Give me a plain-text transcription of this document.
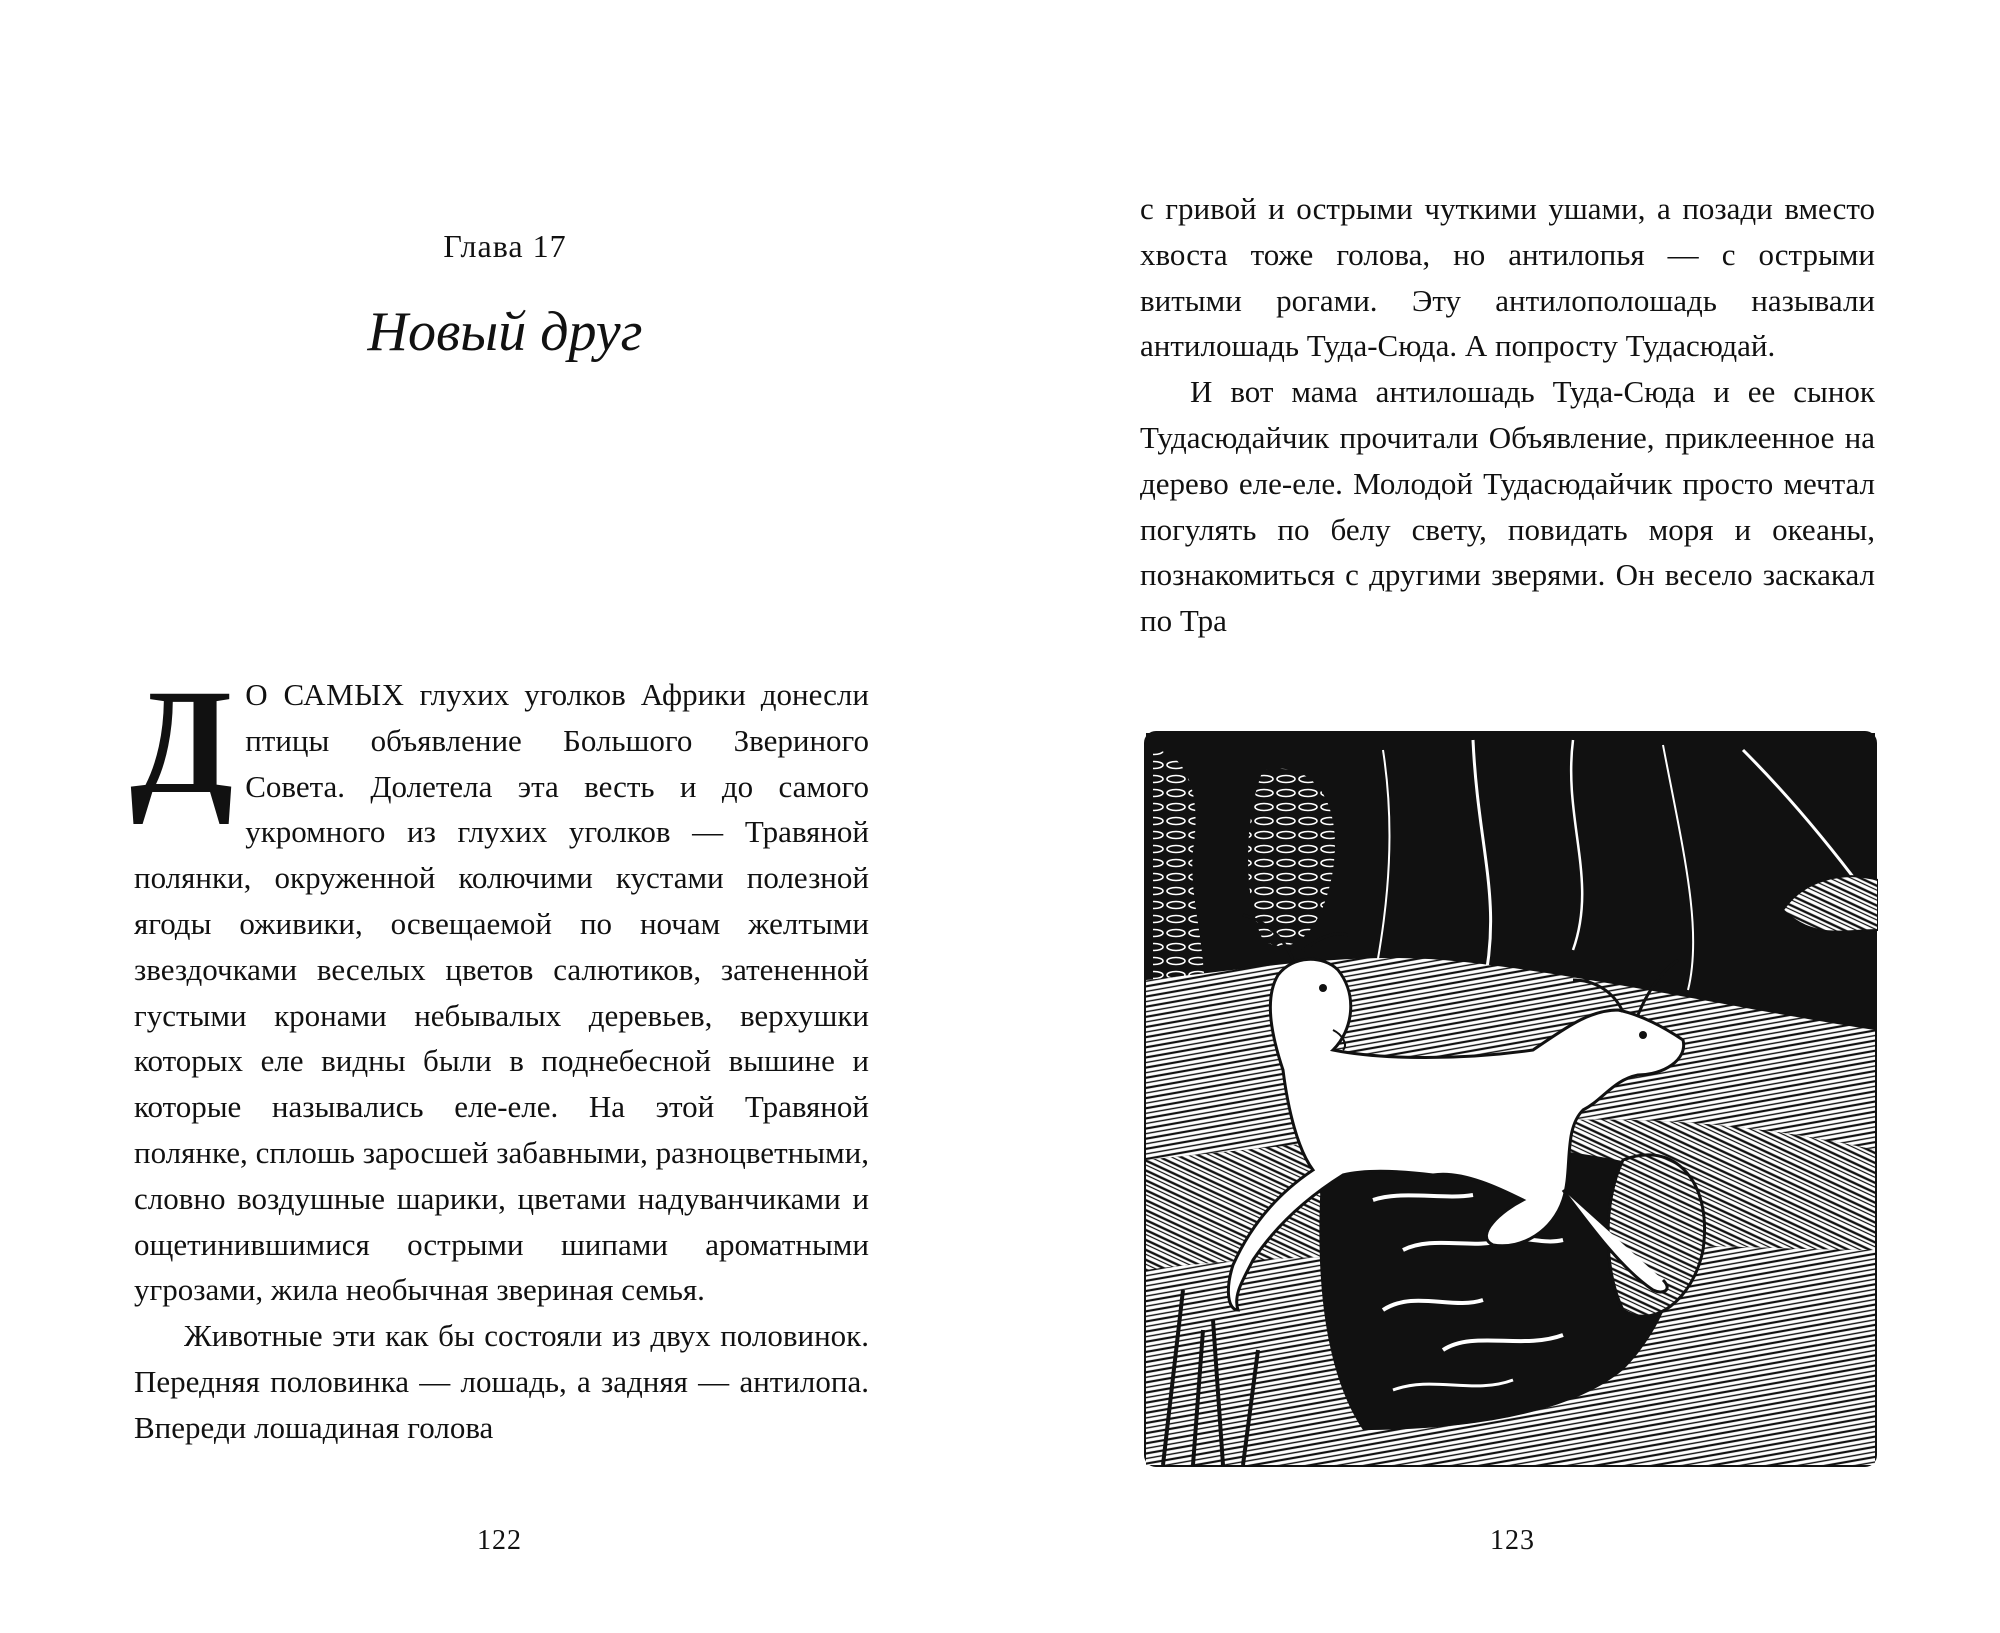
Глава 17
Новый друг

Д О САМЫХ глухих уголков Африки донесли птицы объявление Большого Звериного Совета. Долетела эта весть и до самого укромного из глухих уголков — Травяной полянки, окруженной колючими кустами полезной ягоды оживики, освещаемой по ночам желтыми звездочками веселых цветов салютиков, затененной густыми кронами небывалых деревьев, верхушки которых еле видны были в поднебесной вышине и которые назывались еле-еле. На этой Травяной полянке, сплошь заросшей забавными, разноцветными, словно воздушные шарики, цветами надуванчиками и ощетинившимися острыми шипами ароматными угрозами, жила необычная звериная семья.

Животные эти как бы состояли из двух половинок. Передняя половинка — лошадь, а задняя — антилопа. Впереди лошадиная голова

122

с гривой и острыми чуткими ушами, а позади вместо хвоста тоже голова, но антилопья — с острыми витыми рогами. Эту антилополошадь называли антилошадь Туда-Сюда. А попросту Тудасюдай.

И вот мама антилошадь Туда-Сюда и ее сынок Тудасюдайчик прочитали Объявление, приклеенное на дерево еле-еле. Молодой Тудасюдайчик просто мечтал погулять по белу свету, повидать моря и океаны, познакомиться с другими зверями. Он весело заскакал по Тра

123
